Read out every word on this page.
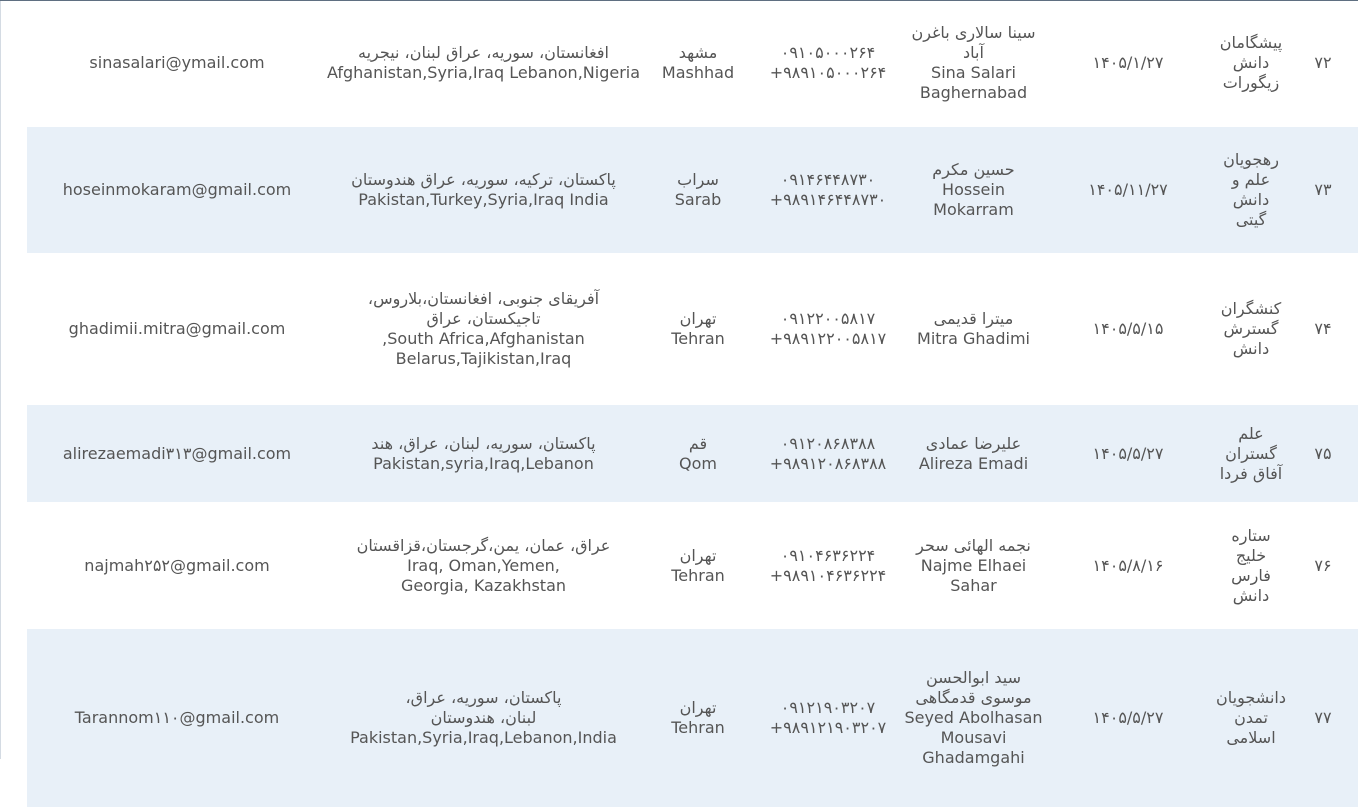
sinasalari@ymail.com
افغانستان، سوریه، عراق لبنان، نیجریه
Afghanistan,Syria,Iraq Lebanon,Nigeria
مشهد
Mashhad
۰۹۱۰۵۰۰۰۲۶۴
+۹۸۹۱۰۵۰۰۰۲۶۴
سینا سالاری باغرن
آباد
Sina Salari
Baghernabad
۱۴۰۵/۱/۲۷
پیشگامان
دانش
زیگورات
۷۲
hoseinmokaram@gmail.com
پاکستان، ترکیه، سوریه، عراق هندوستان
Pakistan,Turkey,Syria,Iraq India
سراب
Sarab
۰۹۱۴۶۴۴۸۷۳۰
+۹۸۹۱۴۶۴۴۸۷۳۰
حسین مکرم
Hossein
Mokarram
۱۴۰۵/۱۱/۲۷
رهجویان
علم و
دانش
گیتی
۷۳
ghadimii.mitra@gmail.com
آفریقای جنوبی، افغانستان،بلاروس،
تاجیکستان، عراق
,South Africa,Afghanistan
Belarus,Tajikistan,Iraq
تهران
Tehran
۰۹۱۲۲۰۰۵۸۱۷
+۹۸۹۱۲۲۰۰۵۸۱۷
میترا قدیمی
Mitra Ghadimi
۱۴۰۵/۵/۱۵
کنشگران
گسترش
دانش
۷۴
alirezaemadi۳۱۳@gmail.com
پاکستان، سوریه، لبنان، عراق، هند
Pakistan,syria,Iraq,Lebanon
قم
Qom
۰۹۱۲۰۸۶۸۳۸۸
+۹۸۹۱۲۰۸۶۸۳۸۸
علیرضا عمادی
Alireza Emadi
۱۴۰۵/۵/۲۷
علم
گستران
آفاق فردا
۷۵
najmah۲۵۲@gmail.com
عراق، عمان، یمن،گرجستان،قزاقستان
Iraq, Oman,Yemen,
Georgia, Kazakhstan
تهران
Tehran
۰۹۱۰۴۶۳۶۲۲۴
+۹۸۹۱۰۴۶۳۶۲۲۴
نجمه الهائی سحر
Najme Elhaei
Sahar
۱۴۰۵/۸/۱۶
ستاره
خلیج
فارس
دانش
۷۶
Tarannom۱۱۰@gmail.com
پاکستان، سوریه، عراق،
لبنان، هندوستان
Pakistan,Syria,Iraq,Lebanon,India
تهران
Tehran
۰۹۱۲۱۹۰۳۲۰۷
+۹۸۹۱۲۱۹۰۳۲۰۷
سید ابوالحسن
موسوی قدمگاهی
Seyed Abolhasan
Mousavi
Ghadamgahi
۱۴۰۵/۵/۲۷
دانشجویان
تمدن
اسلامی
۷۷
